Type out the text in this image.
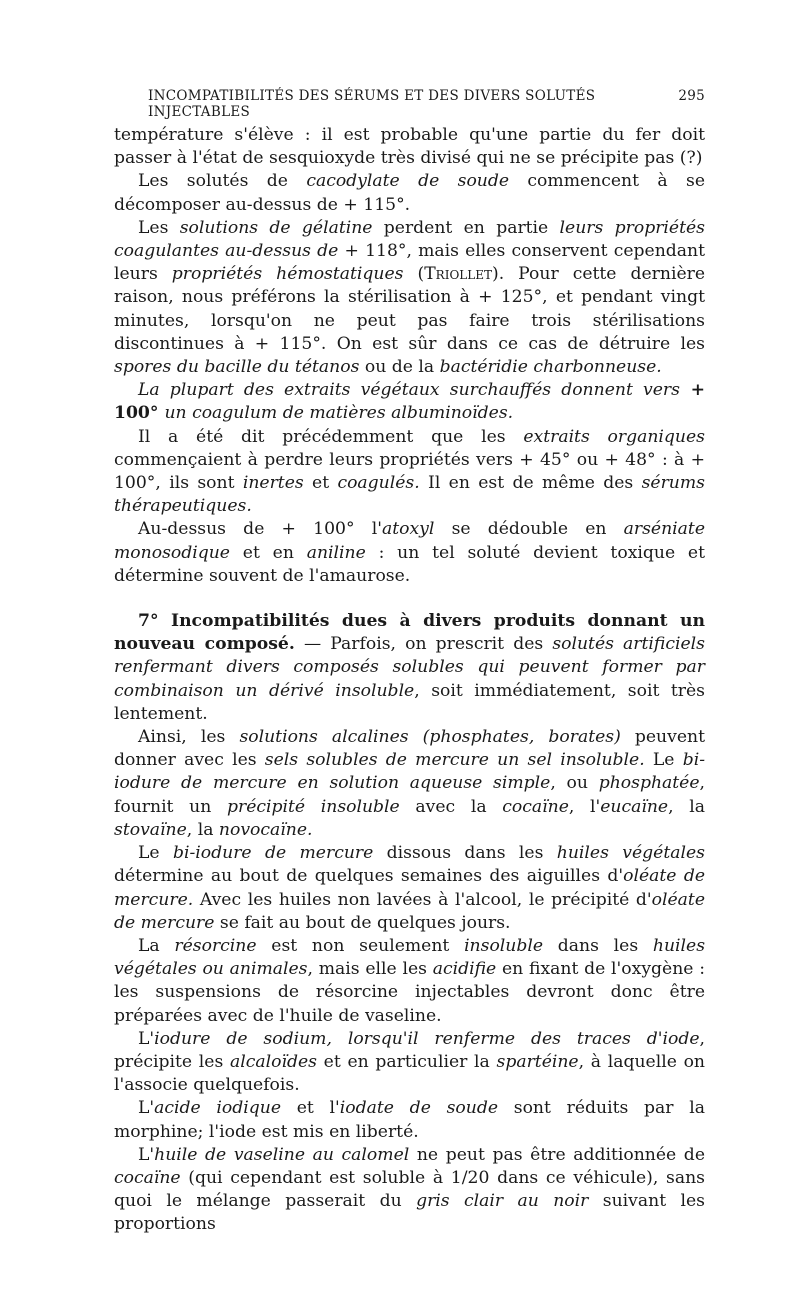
INCOMPATIBILITÉS DES SÉRUMS ET DES DIVERS SOLUTÉS INJECTABLES
295

température s'élève : il est probable qu'une partie du fer doit passer à l'état de sesquioxyde très divisé qui ne se précipite pas (?)

Les solutés de cacodylate de soude commencent à se décomposer au-dessus de + 115°.

Les solutions de gélatine perdent en partie leurs propriétés coagulantes au-dessus de + 118°, mais elles conservent cependant leurs propriétés hémostatiques (Triollet). Pour cette dernière raison, nous préférons la stérilisation à + 125°, et pendant vingt minutes, lorsqu'on ne peut pas faire trois stérilisations discontinues à + 115°. On est sûr dans ce cas de détruire les spores du bacille du tétanos ou de la bactéridie charbonneuse.

La plupart des extraits végétaux surchauffés donnent vers + 100° un coagulum de matières albuminoïdes.

Il a été dit précédemment que les extraits organiques commençaient à perdre leurs propriétés vers + 45° ou + 48° : à + 100°, ils sont inertes et coagulés. Il en est de même des sérums thérapeutiques.

Au-dessus de + 100° l'atoxyl se dédouble en arséniate monosodique et en aniline : un tel soluté devient toxique et détermine souvent de l'amaurose.

7° Incompatibilités dues à divers produits donnant un nouveau composé. — Parfois, on prescrit des solutés artificiels renfermant divers composés solubles qui peuvent former par combinaison un dérivé insoluble, soit immédiatement, soit très lentement.

Ainsi, les solutions alcalines (phosphates, borates) peuvent donner avec les sels solubles de mercure un sel insoluble. Le bi-iodure de mercure en solution aqueuse simple, ou phosphatée, fournit un précipité insoluble avec la cocaïne, l'eucaïne, la stovaïne, la novocaïne.

Le bi-iodure de mercure dissous dans les huiles végétales détermine au bout de quelques semaines des aiguilles d'oléate de mercure. Avec les huiles non lavées à l'alcool, le précipité d'oléate de mercure se fait au bout de quelques jours.

La résorcine est non seulement insoluble dans les huiles végétales ou animales, mais elle les acidifie en fixant de l'oxygène : les suspensions de résorcine injectables devront donc être préparées avec de l'huile de vaseline.

L'iodure de sodium, lorsqu'il renferme des traces d'iode, précipite les alcaloïdes et en particulier la spartéine, à laquelle on l'associe quelquefois.

L'acide iodique et l'iodate de soude sont réduits par la morphine; l'iode est mis en liberté.

L'huile de vaseline au calomel ne peut pas être additionnée de cocaïne (qui cependant est soluble à 1/20 dans ce véhicule), sans quoi le mélange passerait du gris clair au noir suivant les proportions
